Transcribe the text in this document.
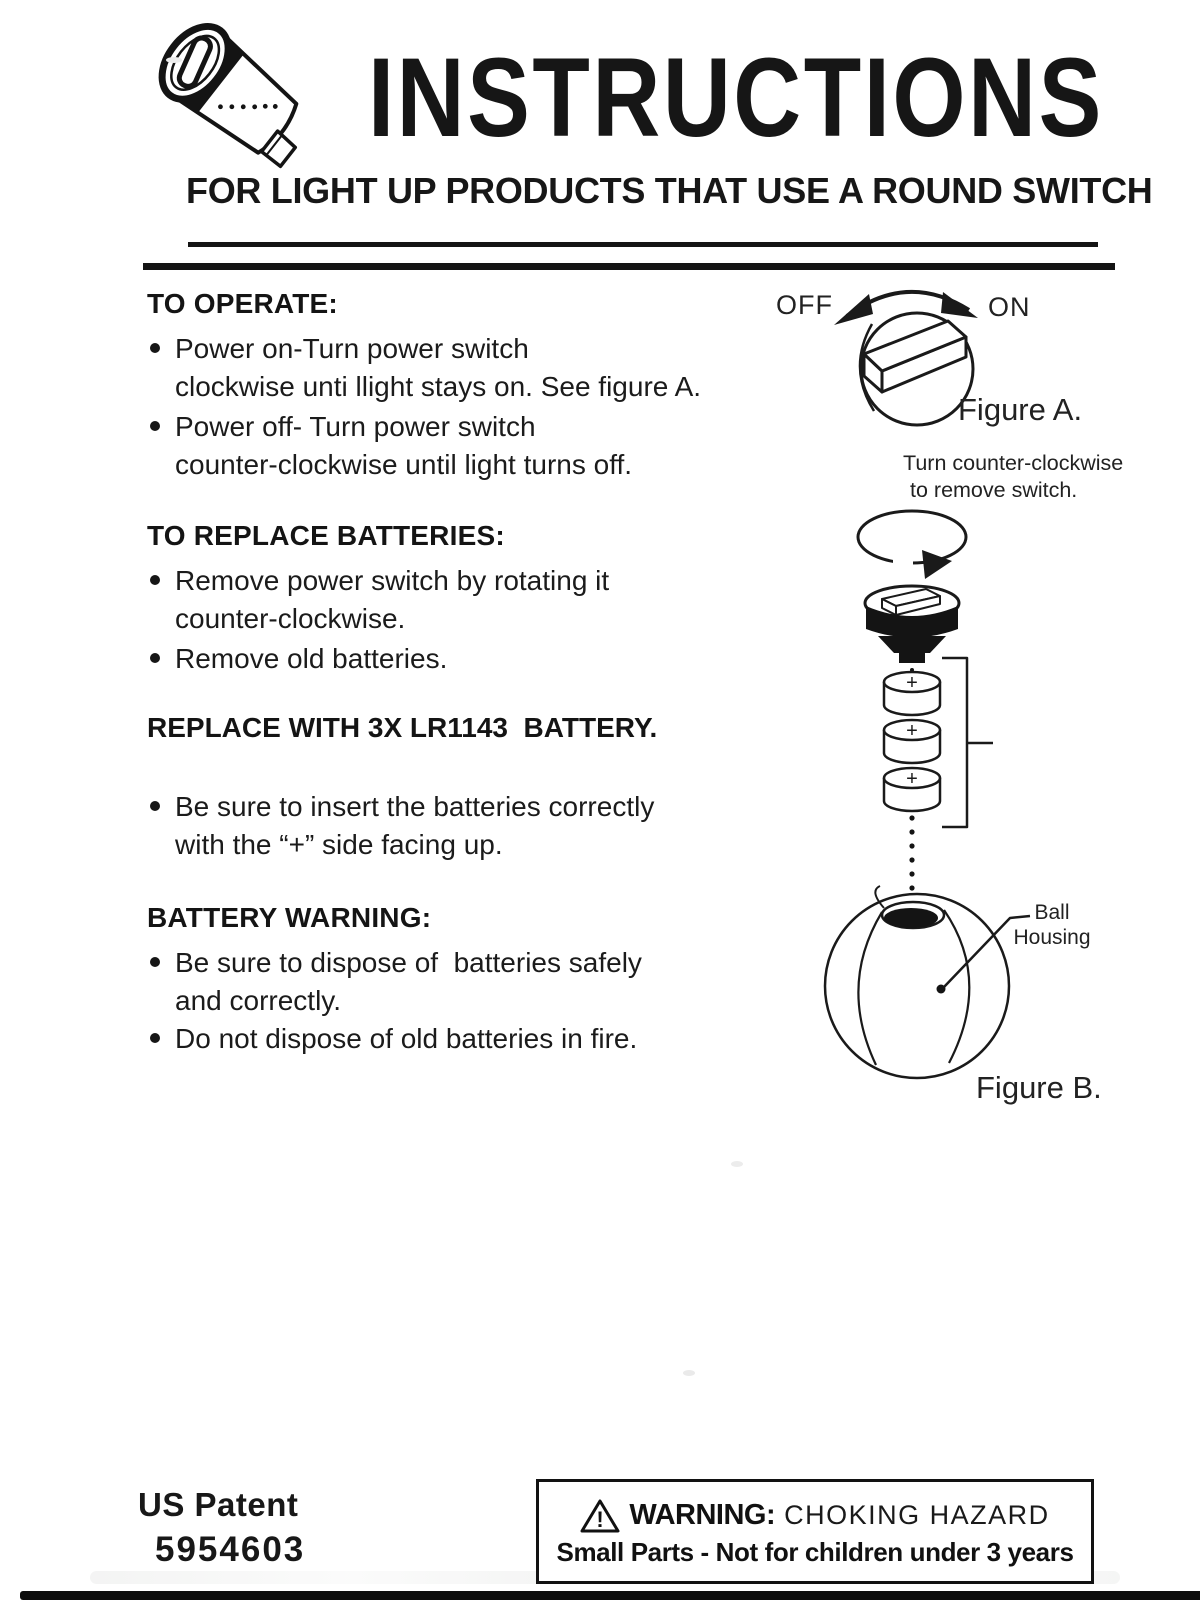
INSTRUCTIONS
FOR LIGHT UP PRODUCTS THAT USE A ROUND SWITCH
TO OPERATE:
Power on-Turn power switch
clockwise unti llight stays on. See figure A.
Power off- Turn power switch
counter-clockwise until light turns off.
TO REPLACE BATTERIES:
Remove power switch by rotating it
counter-clockwise.
Remove old batteries.
REPLACE WITH 3X LR1143  BATTERY.
Be sure to insert the batteries correctly
with the “+” side facing up.
BATTERY WARNING:
Be sure to dispose of  batteries safely
and correctly.
Do not dispose of old batteries in fire.
OFF	ON
Figure A.
Turn counter-clockwise
to remove switch.
+
+
+
Ball
Housing
Figure B.
US Patent
5954603
! WARNING: CHOKING HAZARD
Small Parts - Not for children under 3 years
